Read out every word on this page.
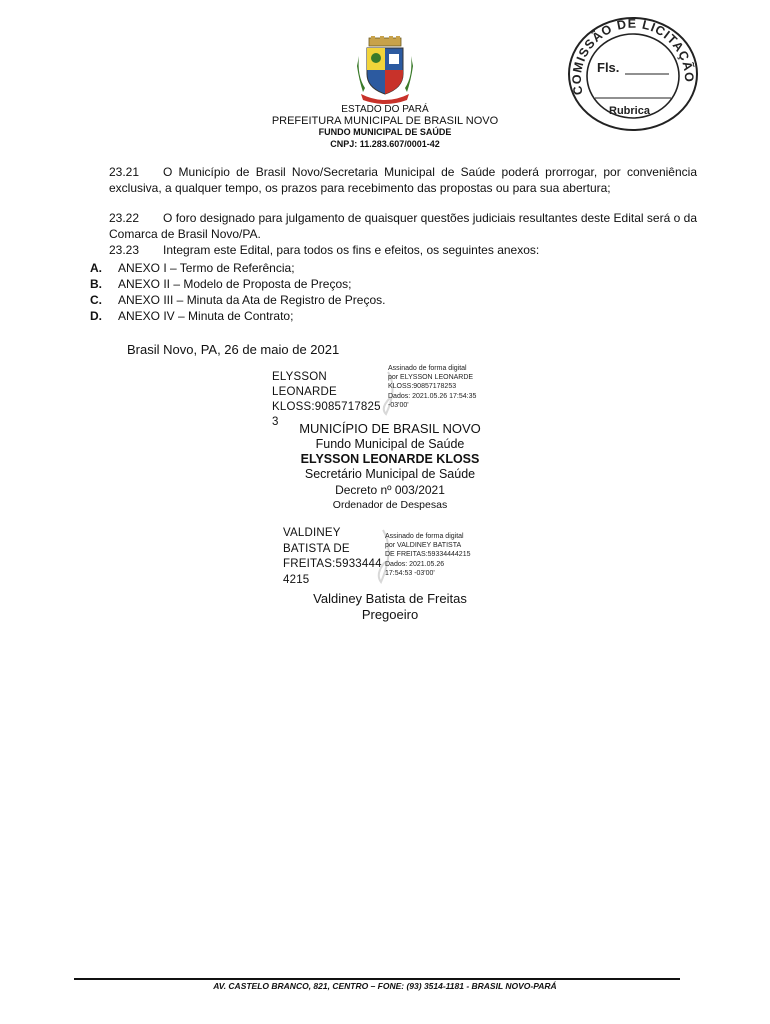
COMISSÃO DE LICITAÇÃO
Fls.
Rubrica
ESTADO DO PARÁ
PREFEITURA MUNICIPAL DE BRASIL NOVO
FUNDO MUNICIPAL DE SAÚDE
CNPJ: 11.283.607/0001-42
23.21 O Município de Brasil Novo/Secretaria Municipal de Saúde poderá prorrogar, por conveniência exclusiva, a qualquer tempo, os prazos para recebimento das propostas ou para sua abertura;
23.22 O foro designado para julgamento de quaisquer questões judiciais resultantes deste Edital será o da Comarca de Brasil Novo/PA.
23.23 Integram este Edital, para todos os fins e efeitos, os seguintes anexos:
A. ANEXO I – Termo de Referência;
B. ANEXO II – Modelo de Proposta de Preços;
C. ANEXO III – Minuta da Ata de Registro de Preços.
D. ANEXO IV – Minuta de Contrato;
Brasil Novo, PA, 26 de maio de 2021
ELYSSON LEONARDE
KLOSS:9085717825
3
Assinado de forma digital
por ELYSSON LEONARDE
KLOSS:90857178253
Dados: 2021.05.26 17:54:35
-03'00'
MUNICÍPIO DE BRASIL NOVO
Fundo Municipal de Saúde
ELYSSON LEONARDE KLOSS
Secretário Municipal de Saúde
Decreto nº 003/2021
Ordenador de Despesas
VALDINEY
BATISTA DE
FREITAS:5933444
4215
Assinado de forma digital
por VALDINEY BATISTA
DE FREITAS:59334444215
Dados: 2021.05.26
17:54:53 -03'00'
Valdiney Batista de Freitas
Pregoeiro
AV. CASTELO BRANCO, 821, CENTRO – FONE: (93) 3514-1181 - BRASIL NOVO-PARÁ
